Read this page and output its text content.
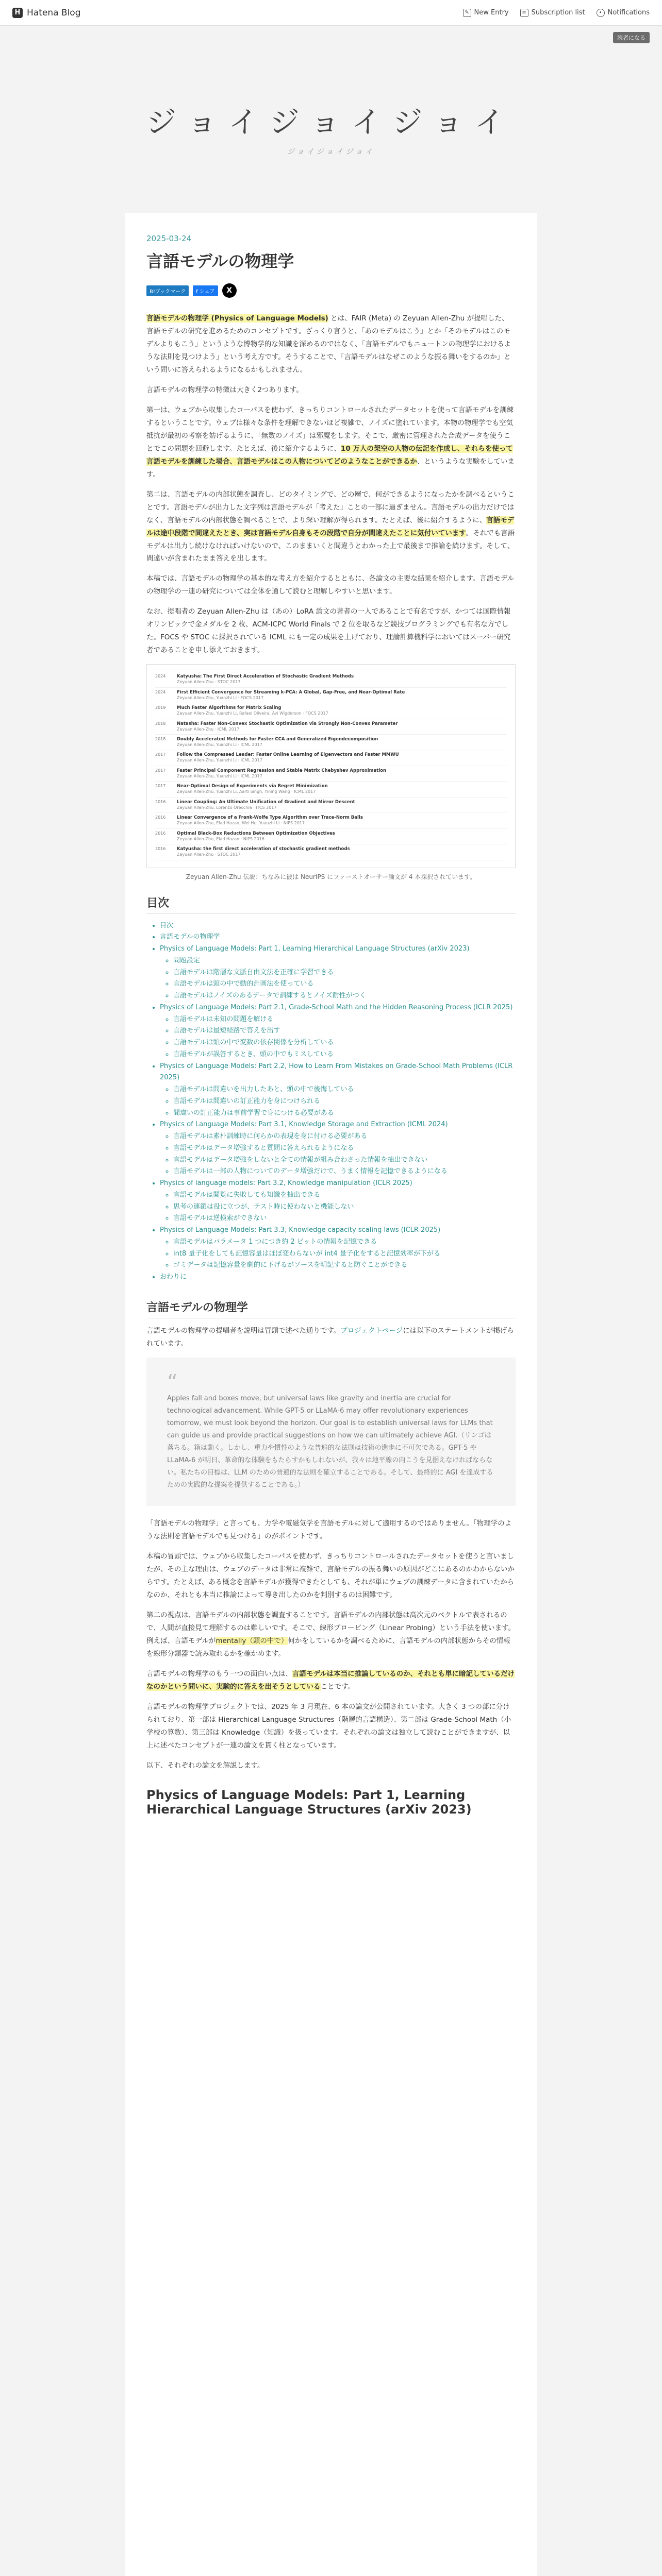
H Hatena Blog	✎ New Entry	≡ Subscription list	• Notifications
読者になる
ジョイジョイジョイ
ジョイジョイジョイ
2025-03-24
言語モデルの物理学
B!ブックマーク	f シェア	X

言語モデルの物理学 (Physics of Language Models) とは、FAIR (Meta) の Zeyuan Allen-Zhu が提唱した、言語モデルの研究を進めるためのコンセプトです。ざっくり言うと、「あのモデルはこう」とか「そのモデルはこのモデルよりもこう」というような博物学的な知識を深めるのではなく、「言語モデルでもニュートンの物理学におけるような法則を見つけよう」という考え方です。そうすることで、「言語モデルはなぜこのような振る舞いをするのか」という問いに答えられるようになるかもしれません。

言語モデルの物理学の特徴は大きく2つあります。

第一は、ウェブから収集したコーパスを使わず、きっちりコントロールされたデータセットを使って言語モデルを訓練するということです。ウェブは様々な条件を理解できないほど複雑で、ノイズに塗れています。本物の物理学でも空気抵抗が最初の考察を妨げるように、「無数のノイズ」は邪魔をします。そこで、厳密に管理された合成データを使うことでこの問題を回避します。たとえば、後に紹介するように、10 万人の架空の人物の伝記を作成し、それらを使って言語モデルを訓練した場合、言語モデルはこの人物についてどのようなことができるか、というような実験をしています。

第二は、言語モデルの内部状態を調査し、どのタイミングで、どの層で、何ができるようになったかを調べるということです。言語モデルが出力した文字列は言語モデルが「考えた」ことの一部に過ぎません。言語モデルの出力だけではなく、言語モデルの内部状態を調べることで、より深い理解が得られます。たとえば、後に紹介するように、言語モデルは途中段階で間違えたとき、実は言語モデル自身もその段階で自分が間違えたことに気付いています。それでも言語モデルは出力し続けなければいけないので、このままいくと間違うとわかった上で最後まで推論を続けます。そして、間違いが含まれたまま答えを出します。

本稿では、言語モデルの物理学の基本的な考え方を紹介するとともに、各論文の主要な結果を紹介します。言語モデルの物理学の一連の研究については全体を通して読むと理解しやすいと思います。

なお、提唱者の Zeyuan Allen-Zhu は（あの）LoRA 論文の著者の一人であることで有名ですが、かつては国際情報オリンピックで金メダルを 2 枚、ACM-ICPC World Finals で 2 位を取るなど競技プログラミングでも有名な方でした。FOCS や STOC に採択されている ICML にも一定の成果を上げており、理論計算機科学においてはスーパー研究者であることを申し添えておきます。

2024	Katyusha: The First Direct Acceleration of Stochastic Gradient Methods
Zeyuan Allen-Zhu · STOC 2017
2024	First Efficient Convergence for Streaming k-PCA: A Global, Gap-Free, and Near-Optimal Rate
Zeyuan Allen-Zhu, Yuanzhi Li · FOCS 2017
2019	Much Faster Algorithms for Matrix Scaling
Zeyuan Allen-Zhu, Yuanzhi Li, Rafael Oliveira, Avi Wigderson · FOCS 2017
2018	Natasha: Faster Non-Convex Stochastic Optimization via Strongly Non-Convex Parameter
Zeyuan Allen-Zhu · ICML 2017
2018	Doubly Accelerated Methods for Faster CCA and Generalized Eigendecomposition
Zeyuan Allen-Zhu, Yuanzhi Li · ICML 2017
2017	Follow the Compressed Leader: Faster Online Learning of Eigenvectors and Faster MMWU
Zeyuan Allen-Zhu, Yuanzhi Li · ICML 2017
2017	Faster Principal Component Regression and Stable Matrix Chebyshev Approximation
Zeyuan Allen-Zhu, Yuanzhi Li · ICML 2017
2017	Near-Optimal Design of Experiments via Regret Minimization
Zeyuan Allen-Zhu, Yuanzhi Li, Aarti Singh, Yining Wang · ICML 2017
2016	Linear Coupling: An Ultimate Unification of Gradient and Mirror Descent
Zeyuan Allen-Zhu, Lorenzo Orecchia · ITCS 2017
2016	Linear Convergence of a Frank-Wolfe Type Algorithm over Trace-Norm Balls
Zeyuan Allen-Zhu, Elad Hazan, Wei Hu, Yuanzhi Li · NIPS 2017
2016	Optimal Black-Box Reductions Between Optimization Objectives
Zeyuan Allen-Zhu, Elad Hazan · NIPS 2016
2016	Katyusha: the first direct acceleration of stochastic gradient methods
Zeyuan Allen-Zhu · STOC 2017
Zeyuan Allen-Zhu 伝説：ちなみに彼は NeurIPS にファーストオーサー論文が 4 本採択されています。
目次
• 目次
• 言語モデルの物理学
• Physics of Language Models: Part 1, Learning Hierarchical Language Structures (arXiv 2023)
◦ 問題設定
◦ 言語モデルは階層な文脈自由文法を正確に学習できる
◦ 言語モデルは頭の中で動的計画法を使っている
◦ 言語モデルはノイズのあるデータで訓練するとノイズ耐性がつく
• Physics of Language Models: Part 2.1, Grade-School Math and the Hidden Reasoning Process (ICLR 2025)
◦ 言語モデルは未知の問題を解ける
◦ 言語モデルは最短経路で答えを出す
◦ 言語モデルは頭の中で変数の依存関係を分析している
◦ 言語モデルが誤答するとき、頭の中でもミスしている
• Physics of Language Models: Part 2.2, How to Learn From Mistakes on Grade-School Math Problems (ICLR 2025)
◦ 言語モデルは間違いを出力したあと、頭の中で後悔している
◦ 言語モデルは間違いの訂正能力を身につけられる
◦ 間違いの訂正能力は事前学習で身につける必要がある
• Physics of Language Models: Part 3.1, Knowledge Storage and Extraction (ICML 2024)
◦ 言語モデルは素朴訓練時に何らかの表現を身に付ける必要がある
◦ 言語モデルはデータ増強すると質問に答えられるようになる
◦ 言語モデルはデータ増強をしないと全ての情報が組み合わさった情報を抽出できない
◦ 言語モデルは一部の人物についてのデータ増強だけで、うまく情報を記憶できるようになる
• Physics of language models: Part 3.2, Knowledge manipulation (ICLR 2025)
◦ 言語モデルは閲覧に失敗しても知識を抽出できる
◦ 思考の連鎖は役に立つが、テスト時に使わないと機能しない
◦ 言語モデルは逆検索ができない
• Physics of Language Models: Part 3.3, Knowledge capacity scaling laws (ICLR 2025)
◦ 言語モデルはパラメータ 1 つにつき約 2 ビットの情報を記憶できる
◦ int8 量子化をしても記憶容量はほぼ変わらないが int4 量子化をすると記憶効率が下がる
◦ ゴミデータは記憶容量を劇的に下げるがソースを明記すると防ぐことができる
• おわりに
言語モデルの物理学

言語モデルの物理学の提唱者を説明は冒頭で述べた通りです。プロジェクトページには以下のステートメントが掲げられています。

“
Apples fall and boxes move, but universal laws like gravity and inertia are crucial for technological advancement. While GPT-5 or LLaMA-6 may offer revolutionary experiences tomorrow, we must look beyond the horizon. Our goal is to establish universal laws for LLMs that can guide us and provide practical suggestions on how we can ultimately achieve AGI.（リンゴは落ちる。箱は動く。しかし、重力や慣性のような普遍的な法則は技術の進歩に不可欠である。GPT-5 や LLaMA-6 が明日、革命的な体験をもたらすかもしれないが、我々は地平線の向こうを見据えなければならない。私たちの目標は、LLM のための普遍的な法則を確立することである。そして、最終的に AGI を達成するための実践的な提案を提供することである。）

「言語モデルの物理学」と言っても、力学や電磁気学を言語モデルに対して適用するのではありません。「物理学のような法則を言語モデルでも見つける」のがポイントです。

本稿の冒頭では、ウェブから収集したコーパスを使わず、きっちりコントロールされたデータセットを使うと言いましたが、その主な理由は、ウェブのデータは非常に複雑で、言語モデルの振る舞いの原因がどこにあるのかわからないからです。たとえば、ある概念を言語モデルが獲得できたとしても、それが単にウェブの訓練データに含まれていたからなのか、それとも本当に推論によって導き出したのかを判別するのは困難です。

第二の視点は、言語モデルの内部状態を調査することです。言語モデルの内部状態は高次元のベクトルで表されるので、人間が直接見て理解するのは難しいです。そこで、線形プロービング（Linear Probing）という手法を使います。例えば、言語モデルがmentally（頭の中で）何かをしているかを調べるために、言語モデルの内部状態からその情報を線形分類器で読み取れるかを確かめます。

言語モデルの物理学のもう一つの面白い点は、言語モデルは本当に推論しているのか、それとも単に暗記しているだけなのかという問いに、実験的に答えを出そうとしていることです。

言語モデルの物理学プロジェクトでは、2025 年 3 月現在、6 本の論文が公開されています。大きく 3 つの部に分けられており、第一部は Hierarchical Language Structures（階層的言語構造）、第二部は Grade-School Math（小学校の算数）、第三部は Knowledge（知識）を扱っています。それぞれの論文は独立して読むことができますが、以上に述べたコンセプトが一連の論文を貫く柱となっています。

以下、それぞれの論文を解説します。

Physics of Language Models: Part 1, Learning Hierarchical Language Structures (arXiv 2023)
